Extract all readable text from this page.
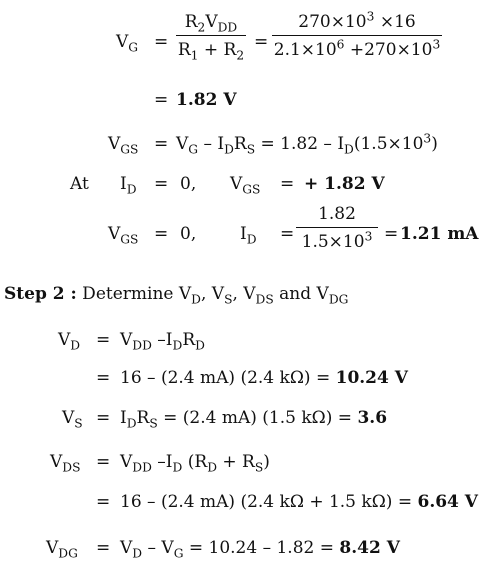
$V_G$ =
$R_2V_{DD}$
$R_1 + R_2$
=
$270\times 10^3 \times 16$
$2.1\times 10^6 +270\times 10^3$
= 1.82 V
$V_{GS} = V_G - I_DR_S = 1.82 - I_D(1.5\times 10^3)$
At $I_D = 0$, $V_{GS}$ = + 1.82 V
$V_{GS} = 0$,	$I_D$ =
1.82
$1.5\times 10^3 = 1.21$ mA
Step 2 : Determine $V_D$, $V_S$, $V_{DS}$ and $V_{DG}$
$V_D = V_{DD}$ $-I_DR_D$
= 16 – (2.4 mA) (2.4 kΩ) = 10.24 V
$V_S = I_DR_S = (2.4$ mA) (1.5 kΩ) = 3.6
$V_{DS} = V_{DD}$ $-I_D$ $(R_D + R_S)$
= 16 – (2.4 mA) (2.4 kΩ + 1.5 kΩ) = 6.64 V
$V_{DG} = V_D - V_G = 10.24 - 1.82 = 8.42$ V
